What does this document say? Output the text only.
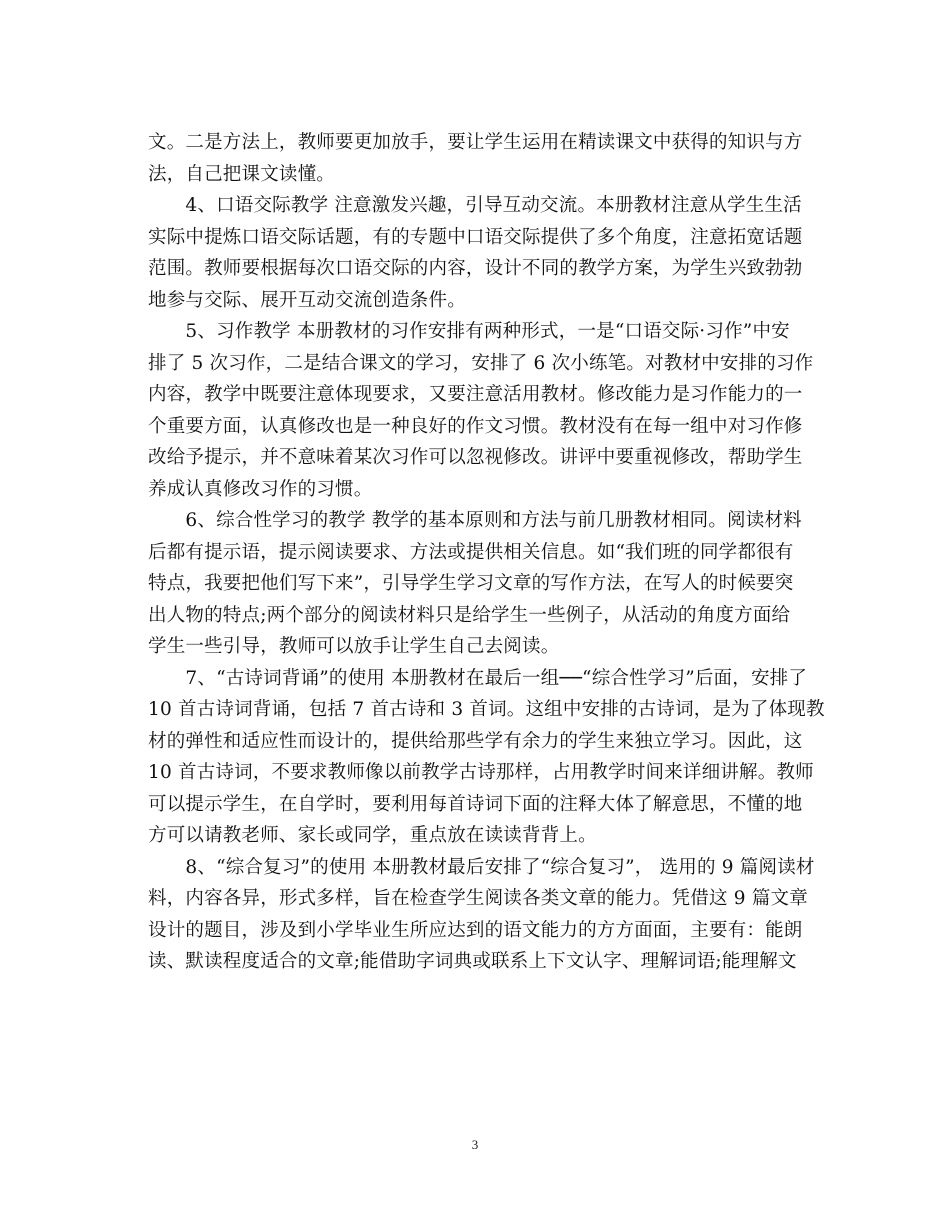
文。二是方法上，教师要更加放手，要让学生运用在精读课文中获得的知识与方
法，自己把课文读懂。
　　4、口语交际教学 注意激发兴趣，引导互动交流。本册教材注意从学生生活
实际中提炼口语交际话题，有的专题中口语交际提供了多个角度，注意拓宽话题
范围。教师要根据每次口语交际的内容，设计不同的教学方案，为学生兴致勃勃
地参与交际、展开互动交流创造条件。
　　5、习作教学 本册教材的习作安排有两种形式，一是“口语交际·习作”中安
排了 5 次习作，二是结合课文的学习，安排了 6 次小练笔。对教材中安排的习作
内容，教学中既要注意体现要求，又要注意活用教材。修改能力是习作能力的一
个重要方面，认真修改也是一种良好的作文习惯。教材没有在每一组中对习作修
改给予提示，并不意味着某次习作可以忽视修改。讲评中要重视修改，帮助学生
养成认真修改习作的习惯。
　　6、综合性学习的教学 教学的基本原则和方法与前几册教材相同。阅读材料
后都有提示语，提示阅读要求、方法或提供相关信息。如“我们班的同学都很有
特点，我要把他们写下来”，引导学生学习文章的写作方法，在写人的时候要突
出人物的特点;两个部分的阅读材料只是给学生一些例子，从活动的角度方面给
学生一些引导，教师可以放手让学生自己去阅读。
　　7、“古诗词背诵”的使用 本册教材在最后一组──“综合性学习”后面，安排了
10 首古诗词背诵，包括 7 首古诗和 3 首词。这组中安排的古诗词，是为了体现教
材的弹性和适应性而设计的，提供给那些学有余力的学生来独立学习。因此，这
10 首古诗词，不要求教师像以前教学古诗那样，占用教学时间来详细讲解。教师
可以提示学生，在自学时，要利用每首诗词下面的注释大体了解意思，不懂的地
方可以请教老师、家长或同学，重点放在读读背背上。
　　8、“综合复习”的使用 本册教材最后安排了“综合复习”， 选用的 9 篇阅读材
料，内容各异，形式多样，旨在检查学生阅读各类文章的能力。凭借这 9 篇文章
设计的题目，涉及到小学毕业生所应达到的语文能力的方方面面，主要有：能朗
读、默读程度适合的文章;能借助字词典或联系上下文认字、理解词语;能理解文
3
